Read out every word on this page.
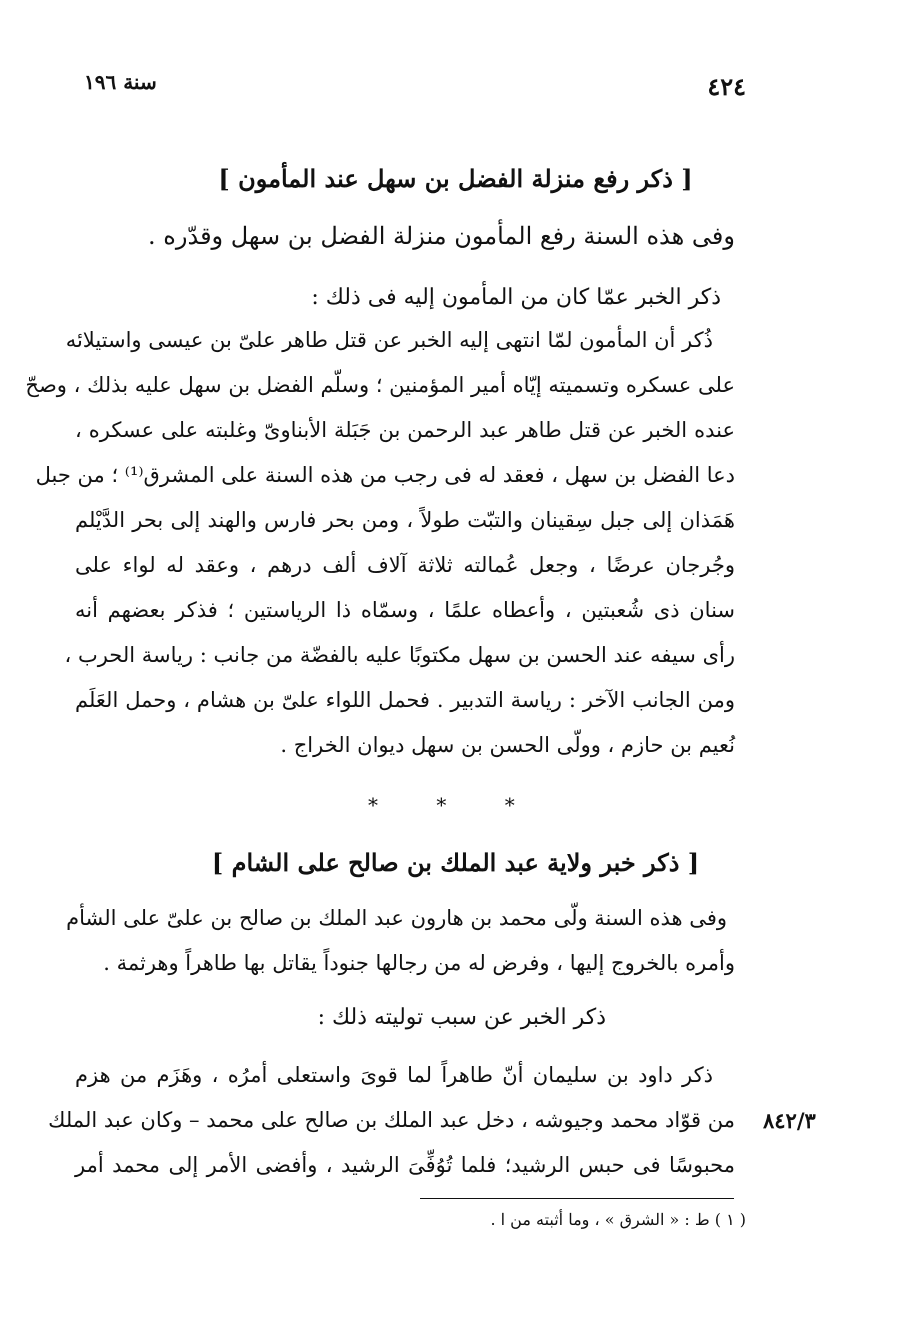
سنة ١٩٦	٤٢٤
[ ذكر رفع منزلة الفضل بن سهل عند المأمون ]
وفى هذه السنة رفع المأمون منزلة الفضل بن سهل وقدّره .
ذكر الخبر عمّا كان من المأمون إليه فى ذلك :
ذُكر أن المأمون لمّا انتهى إليه الخبر عن قتل طاهر علىّ بن عيسى واستيلائه
على عسكره وتسميته إيّاه أمير المؤمنين ؛ وسلّم الفضل بن سهل عليه بذلك ، وصحّ
عنده الخبر عن قتل طاهر عبد الرحمن بن جَبَلة الأبناوىّ وغلبته على عسكره ،
دعا الفضل بن سهل ، فعقد له فى رجب من هذه السنة على المشرق⁽¹⁾ ؛ من جبل
هَمَذان إلى جبل سِقينان والتبّت طولاً ، ومن بحر فارس والهند إلى بحر الدَّيْلم
وجُرجان عرضًا ، وجعل عُمالته ثلاثة آلاف ألف درهم ، وعقد له لواء على
سنان ذى شُعبتين ، وأعطاه علمًا ، وسمّاه ذا الرياستين ؛ فذكر بعضهم أنه
رأى سيفه عند الحسن بن سهل مكتوبًا عليه بالفضّة من جانب : رياسة الحرب ،
ومن الجانب الآخر : رياسة التدبير . فحمل اللواء علىّ بن هشام ، وحمل العَلَم
نُعيم بن حازم ، وولّى الحسن بن سهل ديوان الخراج .
* * *
[ ذكر خبر ولاية عبد الملك بن صالح على الشام ]
وفى هذه السنة ولّى محمد بن هارون عبد الملك بن صالح بن علىّ على الشأم
وأمره بالخروج إليها ، وفرض له من رجالها جنوداً يقاتل بها طاهراً وهرثمة .
ذكر الخبر عن سبب توليته ذلك :
ذكر داود بن سليمان أنّ طاهراً لما قوىَ واستعلى أمرُه ، وهَزَم من هزم
من قوّاد محمد وجيوشه ، دخل عبد الملك بن صالح على محمد – وكان عبد الملك
محبوسًا فى حبس الرشيد؛ فلما تُوُفِّىَ الرشيد ، وأفضى الأمر إلى محمد أمر
٨٤٢/٣
( ١ ) ط : « الشرق » ، وما أثبته من ا .
